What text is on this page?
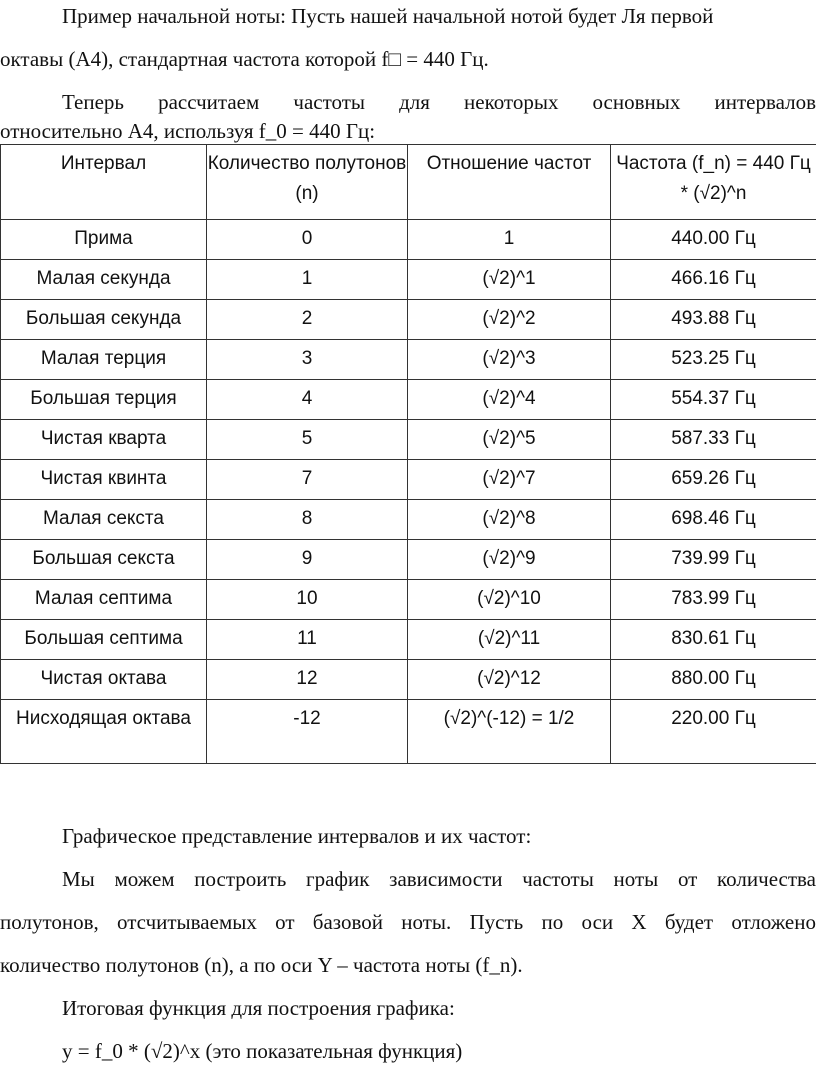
Пример начальной ноты: Пусть нашей начальной нотой будет Ля первой
октавы (A4), стандартная частота которой f□ = 440 Гц.
Теперь рассчитаем частоты для некоторых основных интервалов
относительно A4, используя f_0 = 440 Гц:
Интервал	Количество полутонов (n)	Отношение частот	Частота (f_n) = 440 Гц * (√2)^n

Прима	0	1	440.00 Гц
Малая секунда	1	(√2)^1	466.16 Гц
Большая секунда	2	(√2)^2	493.88 Гц
Малая терция	3	(√2)^3	523.25 Гц
Большая терция	4	(√2)^4	554.37 Гц
Чистая кварта	5	(√2)^5	587.33 Гц
Чистая квинта	7	(√2)^7	659.26 Гц
Малая секста	8	(√2)^8	698.46 Гц
Большая секста	9	(√2)^9	739.99 Гц
Малая септима	10	(√2)^10	783.99 Гц
Большая септима	11	(√2)^11	830.61 Гц
Чистая октава	12	(√2)^12	880.00 Гц
Нисходящая октава	-12	(√2)^(-12) = 1/2	220.00 Гц
Графическое представление интервалов и их частот:
Мы можем построить график зависимости частоты ноты от количества
полутонов, отсчитываемых от базовой ноты. Пусть по оси X будет отложено
количество полутонов (n), а по оси Y – частота ноты (f_n).
Итоговая функция для построения графика:
y = f_0 * (√2)^x (это показательная функция)
